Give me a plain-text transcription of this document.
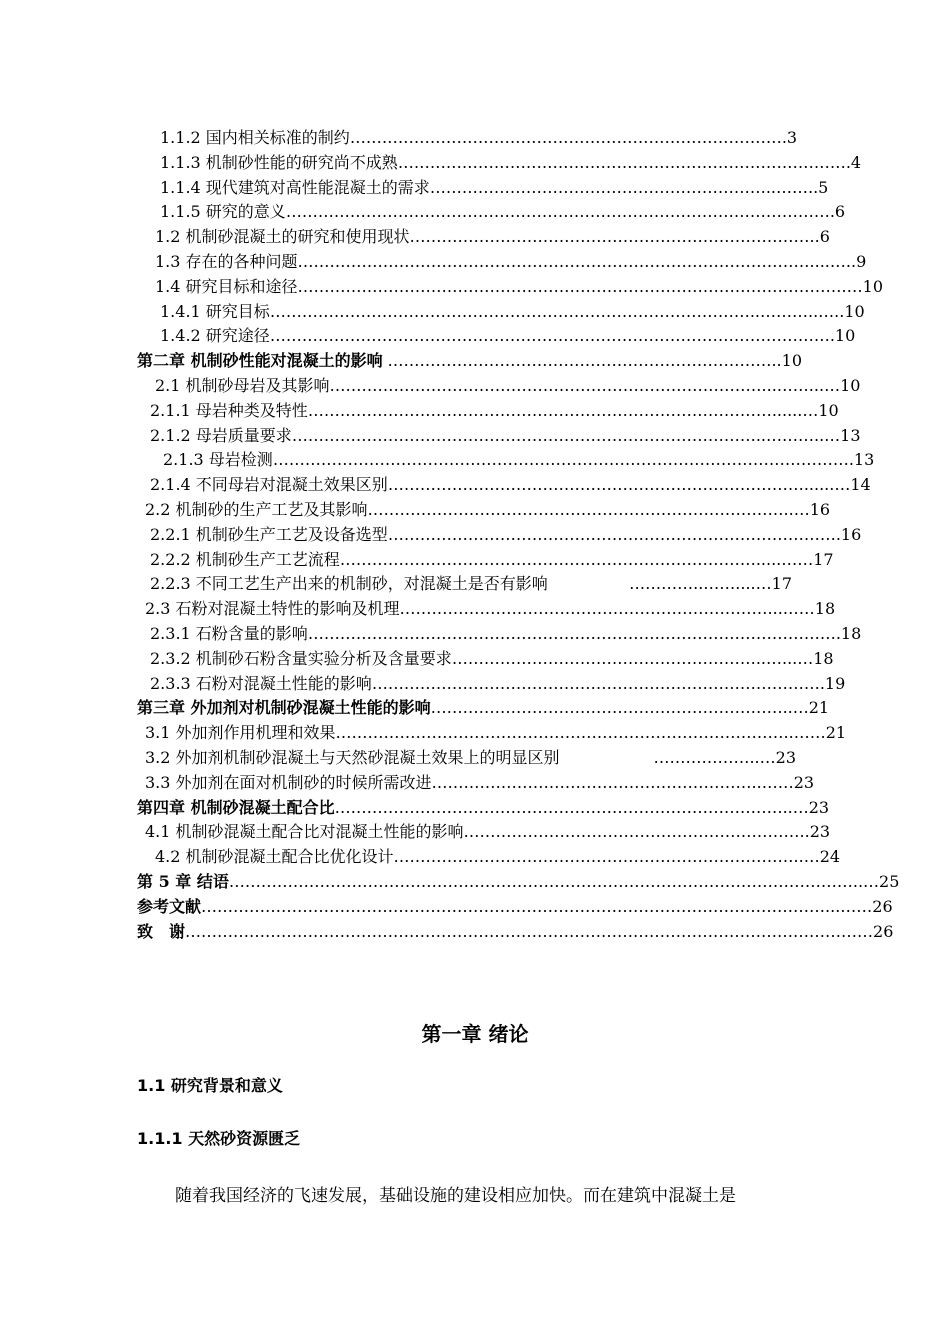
1.1.2 国内相关标准的制约 ……………………………………………………………………….3
1.1.3 机制砂性能的研究尚不成熟 ………………………………………………………………………….4
1.1.4 现代建筑对高性能混凝土的需求 ………………………………………………………..……..5
1.1.5 研究的意义 ………………………………………………………………………………………….6
1.2 机制砂混凝土的研究和使用现状 …………………………………………………………………..6
1.3 存在的各种问题 ……………………………………………………………………………………....…..9
1.4 研究目标和途径 ………………………………………………………………………………………….…10
1.4.1 研究目标 ………………………………………………………………………………..………..…..10
1.4.2 研究途径 …………………………………………………………………………………………….10
第二章 机制砂性能对混凝土的影响 ………………………………………………………………..10
2.1 机制砂母岩及其影响 ………………………………………………………………………...……...…10
2.1.1 母岩种类及特性 ……………………………………………………………………………......…10
2.1.2 母岩质量要求 ……………………………………………………………………………..………..…13
2.1.3 母岩检测 ……………………………………………………………………………………………….13
2.1.4 不同母岩对混凝土效果区别 ……………………………………………………………………......…14
2.2 机制砂的生产工艺及其影响 ……………………………………………………………………..…16
2.2.1 机制砂生产工艺及设备选型 ………………………………………………………………………….16
2.2.2 机制砂生产工艺流程 …………………………………………………………………….....……17
2.2.3 不同工艺生产出来的机制砂，对混凝土是否有影响	…………..……....…17
2.3 石粉对混凝土特性的影响及机理 ……………………………………………………………...……18
2.3.1 石粉含量的影响 ……………………………………………………………………………………….18
2.3.2 机制砂石粉含量实验分析及含量要求 …………………………………………………..…...…18
2.3.3 石粉对混凝土性能的影响 ………………………………………………………………………….19
第三章 外加剂对机制砂混凝土性能的影响 …………………………………………………………..…21
3.1 外加剂作用机理和效果 …………………………………………………………………………..……21
3.2 外加剂机制砂混凝土与天然砂混凝土效果上的明显区别	………………..…23
3.3 外加剂在面对机制砂的时候所需改进 ……………………………………………………..……23
第四章 机制砂混凝土配合比 …………………………………………………………………………..…23
4.1 机制砂混凝土配合比对混凝土性能的影响 ………………………………………………………..23
4.2 机制砂混凝土配合比优化设计 …………………………………………………………………..…24
第 5 章 结语 ………………………………………………………………………………………………………..…25
参考文献 ………………………………………………………………………………………………………...……26
致　谢 …………………………………………………………………………………………………………………26
第一章 绪论
1.1 研究背景和意义
1.1.1 天然砂资源匮乏
随着我国经济的飞速发展，基础设施的建设相应加快。而在建筑中混凝土是
